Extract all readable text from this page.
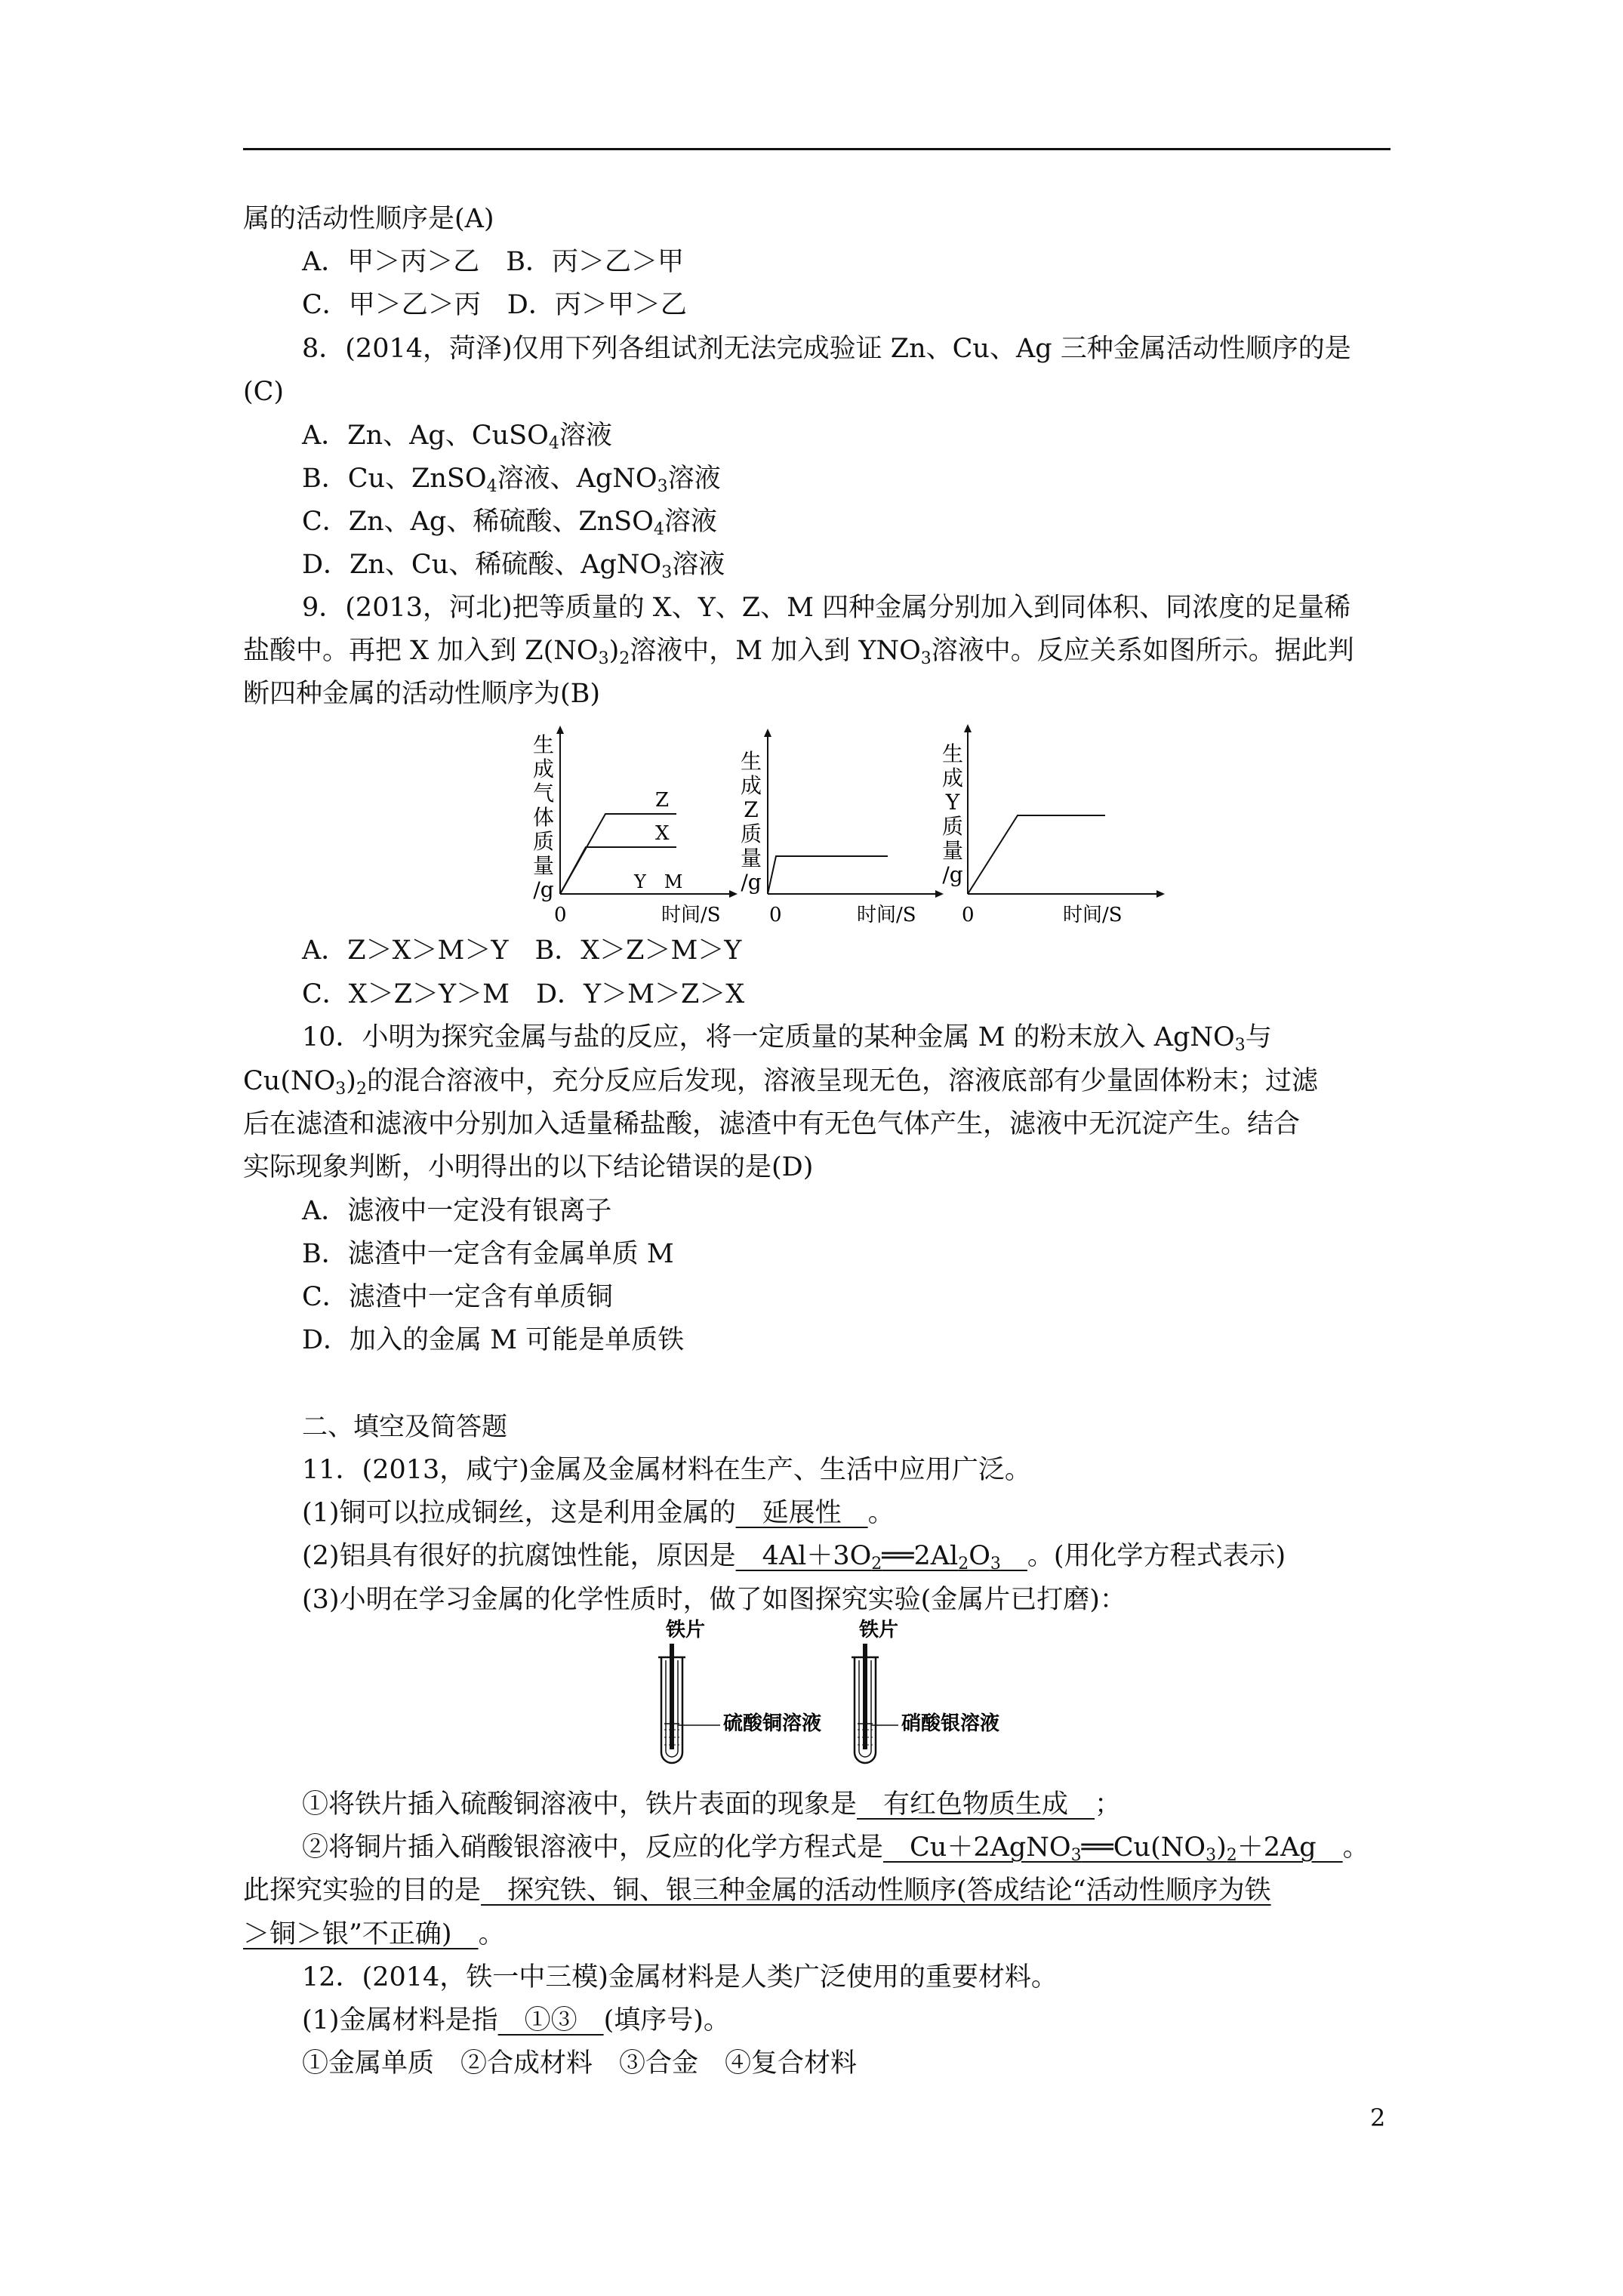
属的活动性顺序是(A)
A．甲＞丙＞乙　 B．丙＞乙＞甲
C．甲＞乙＞丙　 D．丙＞甲＞乙
8．(2014，菏泽)仅用下列各组试剂无法完成验证 Zn、Cu、Ag 三种金属活动性顺序的是
(C)
A．Zn、Ag、CuSO$_4$溶液
B．Cu、ZnSO$_4$溶液、AgNO$_3$溶液
C．Zn、Ag、稀硫酸、ZnSO$_4$溶液
D．Zn、Cu、稀硫酸、AgNO$_3$溶液
9．(2013，河北)把等质量的 X、Y、Z、M 四种金属分别加入到同体积、同浓度的足量稀
盐酸中。再把 X 加入到 $Z(NO_3)_2$溶液中，M 加入到 $YNO_3$溶液中。反应关系如图所示。据此判
断四种金属的活动性顺序为(B)
生
成
气
体
质
量
/g
Z
X
Y　M
0	时间/S
生
成
Z
质
量
/g
0	时间/S
生
成
Y
质
量
/g
0	时间/S
A．Z＞X＞M＞Y　 B．X＞Z＞M＞Y
C．X＞Z＞Y＞M　 D．Y＞M＞Z＞X
10．小明为探究金属与盐的反应，将一定质量的某种金属 M 的粉末放入 AgNO$_3$与
$Cu(NO_3)_2$的混合溶液中，充分反应后发现，溶液呈现无色，溶液底部有少量固体粉末；过滤
后在滤渣和滤液中分别加入适量稀盐酸，滤渣中有无色气体产生，滤液中无沉淀产生。结合
实际现象判断，小明得出的以下结论错误的是(D)
A．滤液中一定没有银离子
B．滤渣中一定含有金属单质 M
C．滤渣中一定含有单质铜
D．加入的金属 M 可能是单质铁
二、填空及简答题
11．(2013，咸宁)金属及金属材料在生产、生活中应用广泛。
(1)铜可以拉成铜丝，这是利用金属的　延展性　。
(2)铝具有很好的抗腐蚀性能，原因是　$4Al+3O_2══2Al_2O_3$　 。(用化学方程式表示)
(3)小明在学习金属的化学性质时，做了如图探究实验(金属片已打磨)：
铁片	铁片
硫酸铜溶液	硝酸银溶液
①将铁片插入硫酸铜溶液中，铁片表面的现象是　有红色物质生成　；
②将铜片插入硝酸银溶液中，反应的化学方程式是　$Cu+2AgNO_3══Cu(NO_3)_2+2Ag$　。
此探究实验的目的是　探究铁、铜、银三种金属的活动性顺序(答成结论“活动性顺序为铁
＞铜＞银”不正确)　。
12．(2014，铁一中三模)金属材料是人类广泛使用的重要材料。
(1)金属材料是指　①③　(填序号)。
①金属单质　②合成材料　③合金　④复合材料
2
